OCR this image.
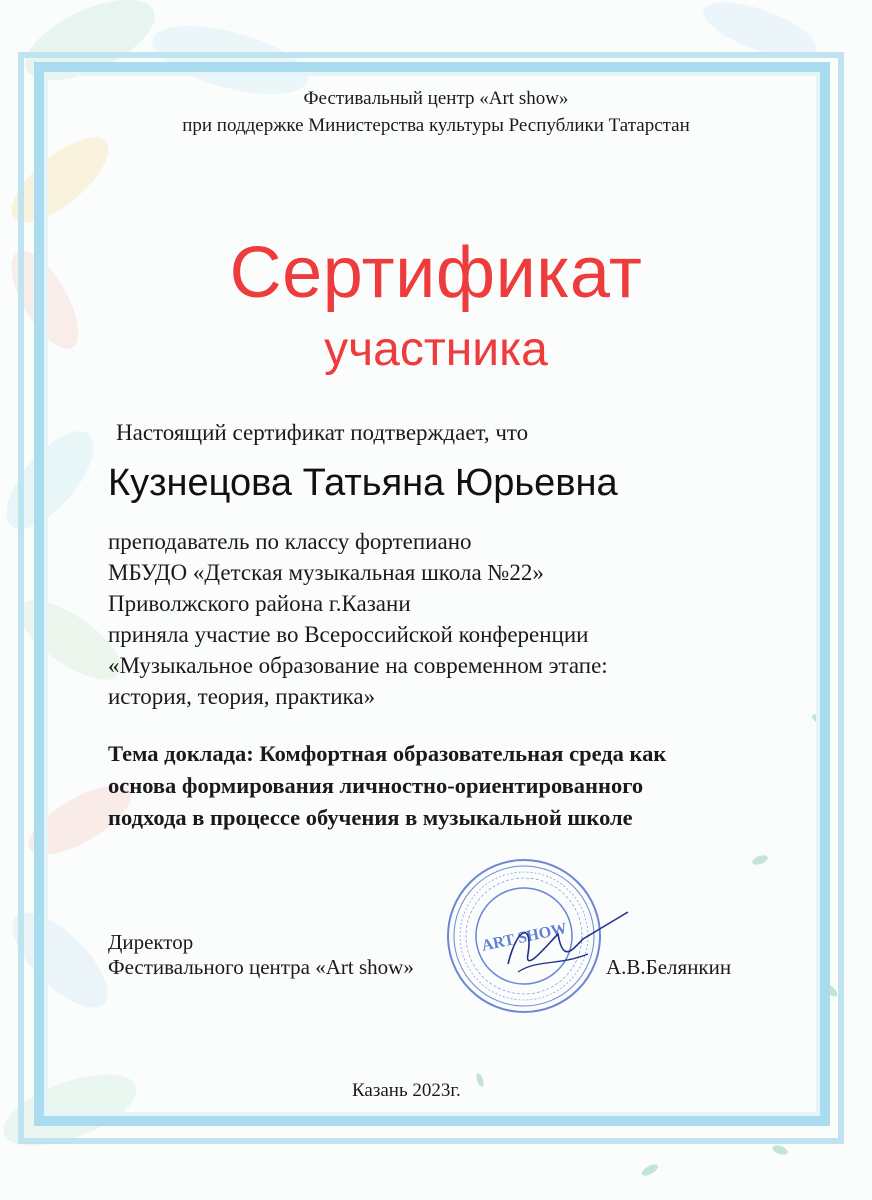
Фестивальный центр «Art show»
при поддержке Министерства культуры Республики Татарстан
Сертификат
участника
Настоящий сертификат подтверждает, что
Кузнецова Татьяна Юрьевна
преподаватель по классу фортепиано
МБУДО «Детская музыкальная школа №22»
Приволжского района г.Казани
приняла участие во Всероссийской конференции
«Музыкальное образование на современном этапе:
история, теория, практика»
Тема доклада: Комфортная образовательная среда как
основа формирования личностно-ориентированного
подхода в процессе обучения в музыкальной школе
ART SHOW
Директор
Фестивального центра «Art show»	А.В.Белянкин
Казань 2023г.
